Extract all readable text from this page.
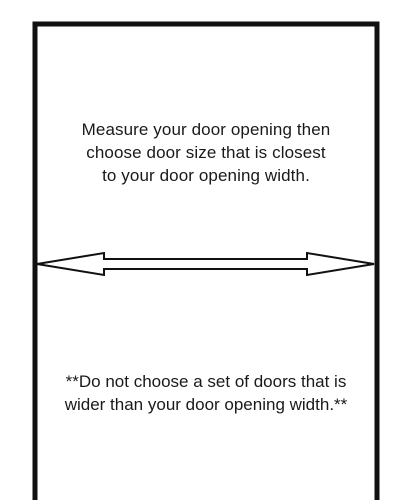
Measure your door opening then
choose door size that is closest
to your door opening width.
**Do not choose a set of doors that is
wider than your door opening width.**
